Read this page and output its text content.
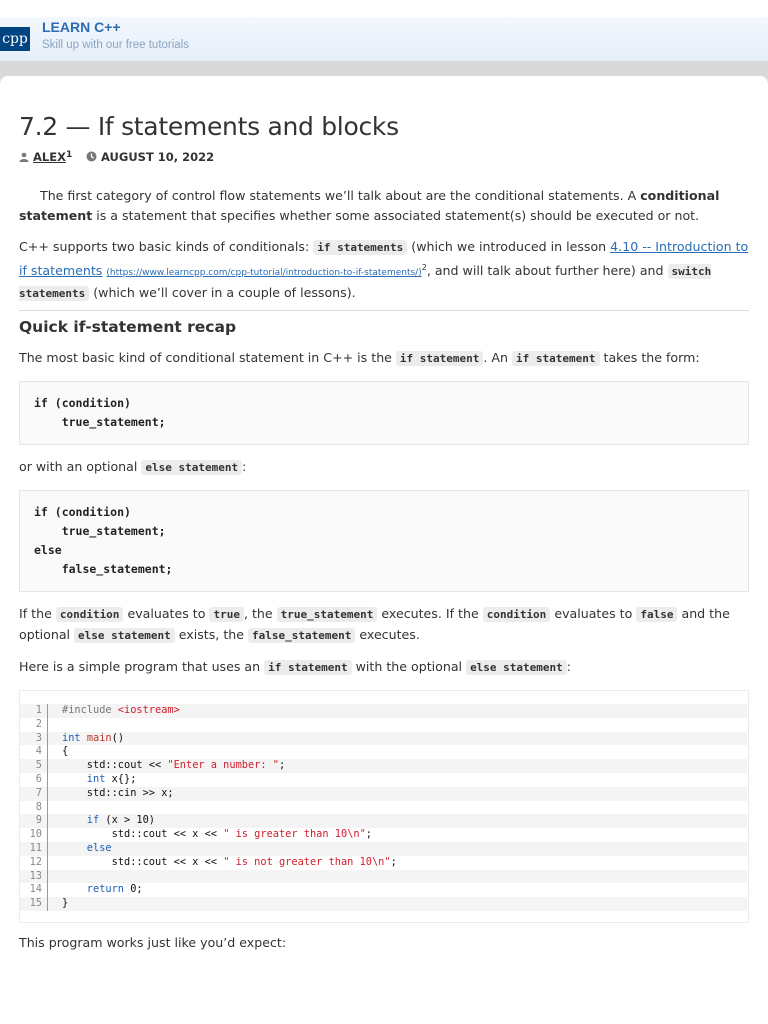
cpp
LEARN C++
Skill up with our free tutorials
7.2 — If statements and blocks
ALEX$^1$	AUGUST 10, 2022

The first category of control flow statements we’ll talk about are the conditional statements. A conditional statement is a statement that specifies whether some associated statement(s) should be executed or not.

C++ supports two basic kinds of conditionals: if statements (which we introduced in lesson 4.10 -- Introduction to if statements (https://www.learncpp.com/cpp-tutorial/introduction-to-if-statements/)$^2$, and will talk about further here) and switch statements (which we’ll cover in a couple of lessons).

Quick if-statement recap

The most basic kind of conditional statement in C++ is the if statement . An if statement takes the form:

if (condition)
true_statement;

or with an optional else statement :

if (condition)
true_statement;
else
false_statement;

If the condition evaluates to true , the true_statement executes. If the condition evaluates to false and the optional else statement exists, the false_statement executes.

Here is a simple program that uses an if statement with the optional else statement :

1	#include <iostream>
2
3	int main()
4	{
5	std::cout << "Enter a number: ";
6	int x{};
7	std::cin >> x;
8
9	if (x > 10)
10	std::cout << x << " is greater than 10\n";
11	else
12	std::cout << x << " is not greater than 10\n";
13
14	return 0;
15	}

This program works just like you’d expect:
